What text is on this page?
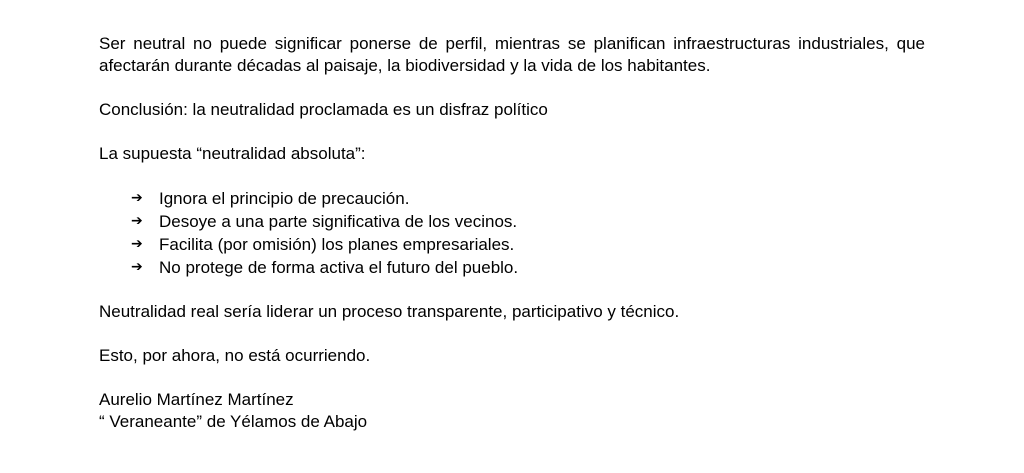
Ser neutral no puede significar ponerse de perfil, mientras se planifican infraestructuras industriales, que afectarán durante décadas al paisaje, la biodiversidad y la vida de los habitantes.

Conclusión: la neutralidad proclamada es un disfraz político

La supuesta “neutralidad absoluta”:

➔ Ignora el principio de precaución.
➔ Desoye a una parte significativa de los vecinos.
➔ Facilita (por omisión) los planes empresariales.
➔ No protege de forma activa el futuro del pueblo.

Neutralidad real sería liderar un proceso transparente, participativo y técnico.

Esto, por ahora, no está ocurriendo.

Aurelio Martínez Martínez

“ Veraneante” de Yélamos de Abajo
